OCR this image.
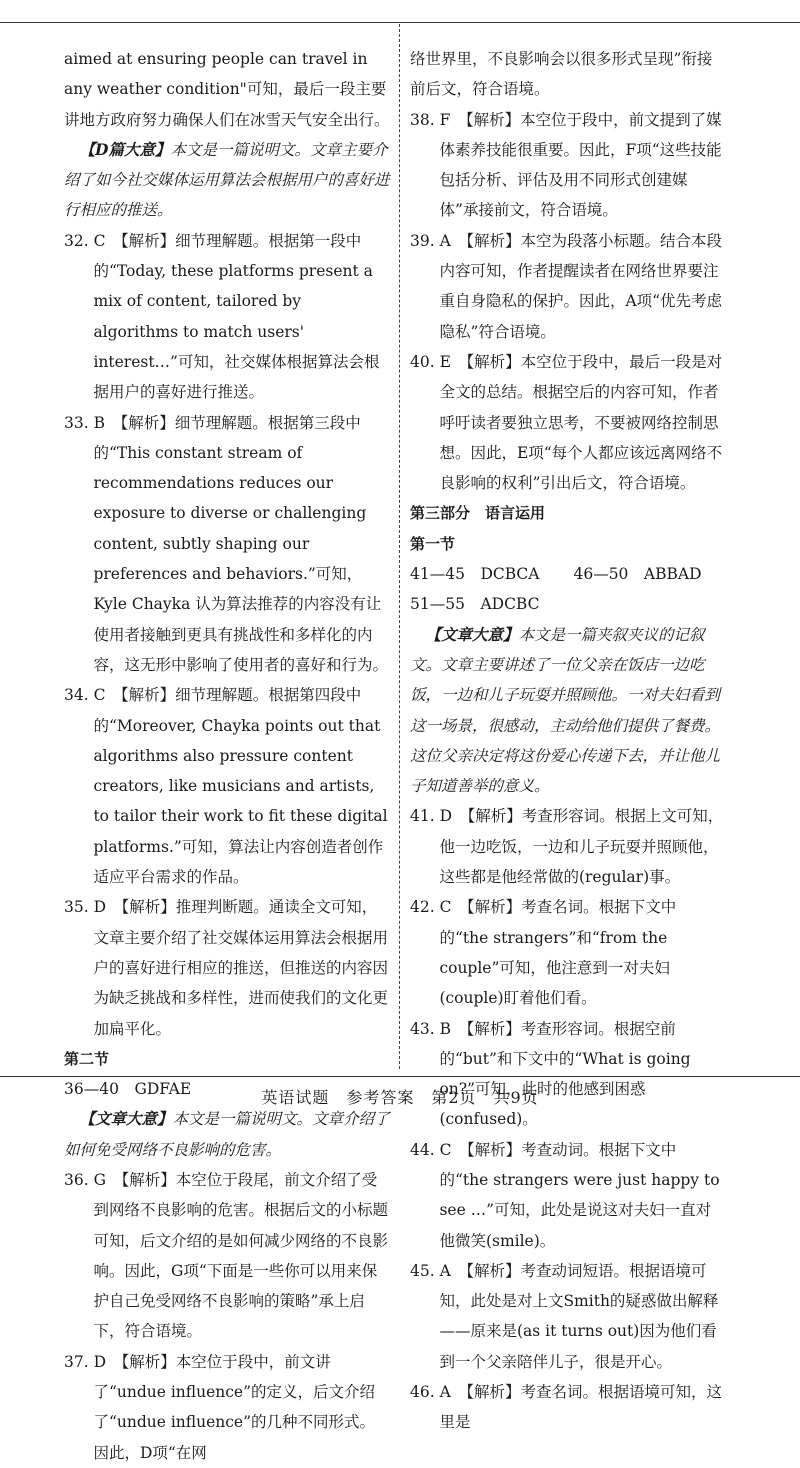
aimed at ensuring people can travel in any weather condition"可知，最后一段主要讲地方政府努力确保人们在冰雪天气安全出行。

【D篇大意】本文是一篇说明文。文章主要介绍了如今社交媒体运用算法会根据用户的喜好进行相应的推送。

32. C　【解析】细节理解题。根据第一段中的“Today, these platforms present a mix of content, tailored by algorithms to match users' interest…”可知，社交媒体根据算法会根据用户的喜好进行推送。

33. B　【解析】细节理解题。根据第三段中的“This constant stream of recommendations reduces our exposure to diverse or challenging content, subtly shaping our preferences and behaviors.”可知，Kyle Chayka 认为算法推荐的内容没有让使用者接触到更具有挑战性和多样化的内容，这无形中影响了使用者的喜好和行为。

34. C　【解析】细节理解题。根据第四段中的“Moreover, Chayka points out that algorithms also pressure content creators, like musicians and artists, to tailor their work to fit these digital platforms.”可知，算法让内容创造者创作适应平台需求的作品。

35. D　【解析】推理判断题。通读全文可知，文章主要介绍了社交媒体运用算法会根据用户的喜好进行相应的推送，但推送的内容因为缺乏挑战和多样性，进而使我们的文化更加扁平化。

第二节

36—40　GDFAE

【文章大意】本文是一篇说明文。文章介绍了如何免受网络不良影响的危害。

36. G　【解析】本空位于段尾，前文介绍了受到网络不良影响的危害。根据后文的小标题可知，后文介绍的是如何减少网络的不良影响。因此，G项“下面是一些你可以用来保护自己免受网络不良影响的策略”承上启下，符合语境。

37. D　【解析】本空位于段中，前文讲了“undue influence”的定义，后文介绍了“undue influence”的几种不同形式。因此，D项“在网

络世界里，不良影响会以很多形式呈现”衔接前后文，符合语境。

38. F　【解析】本空位于段中，前文提到了媒体素养技能很重要。因此，F项“这些技能包括分析、评估及用不同形式创建媒体”承接前文，符合语境。

39. A　【解析】本空为段落小标题。结合本段内容可知，作者提醒读者在网络世界要注重自身隐私的保护。因此，A项“优先考虑隐私”符合语境。

40. E　【解析】本空位于段中，最后一段是对全文的总结。根据空后的内容可知，作者呼吁读者要独立思考，不要被网络控制思想。因此，E项“每个人都应该远离网络不良影响的权利”引出后文，符合语境。

第三部分　语言运用

第一节

41—45　DCBCA 46—50　ABBAD

51—55　ADCBC

【文章大意】本文是一篇夹叙夹议的记叙文。文章主要讲述了一位父亲在饭店一边吃饭，一边和儿子玩耍并照顾他。一对夫妇看到这一场景，很感动，主动给他们提供了餐费。这位父亲决定将这份爱心传递下去，并让他儿子知道善举的意义。

41. D　【解析】考查形容词。根据上文可知，他一边吃饭，一边和儿子玩耍并照顾他，这些都是他经常做的(regular)事。

42. C　【解析】考查名词。根据下文中的“the strangers”和“from the couple”可知，他注意到一对夫妇(couple)盯着他们看。

43. B　【解析】考查形容词。根据空前的“but”和下文中的“What is going on?”可知，此时的他感到困惑(confused)。

44. C　【解析】考查动词。根据下文中的“the strangers were just happy to see …”可知，此处是说这对夫妇一直对他微笑(smile)。

45. A　【解析】考查动词短语。根据语境可知，此处是对上文Smith的疑惑做出解释——原来是(as it turns out)因为他们看到一个父亲陪伴儿子，很是开心。

46. A　【解析】考查名词。根据语境可知，这里是

英语试题　参考答案　第2页　共9页
